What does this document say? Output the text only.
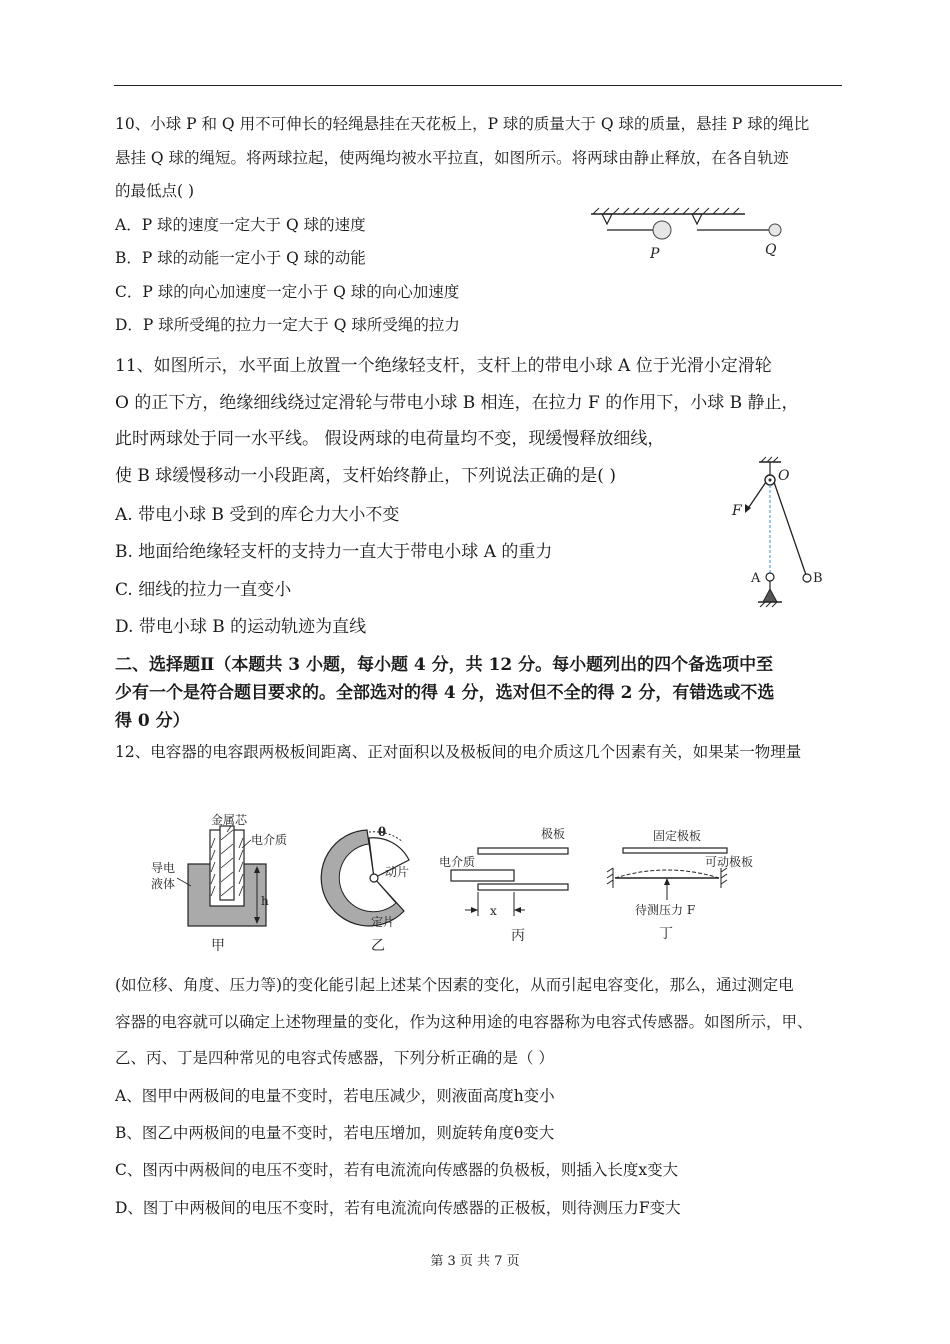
10、小球 P 和 Q 用不可伸长的轻绳悬挂在天花板上，P 球的质量大于 Q 球的质量，悬挂 P 球的绳比
悬挂 Q 球的绳短。将两球拉起，使两绳均被水平拉直，如图所示。将两球由静止释放，在各自轨迹
的最低点( )
A．P 球的速度一定大于 Q 球的速度
B．P 球的动能一定小于 Q 球的动能
C．P 球的向心加速度一定小于 Q 球的向心加速度
D．P 球所受绳的拉力一定大于 Q 球所受绳的拉力
P	Q
11、如图所示，水平面上放置一个绝缘轻支杆，支杆上的带电小球 A 位于光滑小定滑轮
O 的正下方，绝缘细线绕过定滑轮与带电小球 B 相连，在拉力 F 的作用下，小球 B 静止，
此时两球处于同一水平线。 假设两球的电荷量均不变，现缓慢释放细线，
使 B 球缓慢移动一小段距离，支杆始终静止，下列说法正确的是( )
A. 带电小球 B 受到的库仑力大小不变
B. 地面给绝缘轻支杆的支持力一直大于带电小球 A 的重力
C. 细线的拉力一直变小
D. 带电小球 B 的运动轨迹为直线
O
F
A	B
二、选择题Ⅱ（本题共 3 小题，每小题 4 分，共 12 分。每小题列出的四个备选项中至
少有一个是符合题目要求的。全部选对的得 4 分，选对但不全的得 2 分，有错选或不选
得 0 分）
12、电容器的电容跟两极板间距离、正对面积以及极板间的电介质这几个因素有关，如果某一物理量
h
金属芯
电介质
导电
液体
甲
θ
动片
定片
乙
极板
电介质
x
丙
固定极板
可动极板
待测压力 F
丁
(如位移、角度、压力等)的变化能引起上述某个因素的变化，从而引起电容变化，那么，通过测定电
容器的电容就可以确定上述物理量的变化，作为这种用途的电容器称为电容式传感器。如图所示，甲、
乙、丙、丁是四种常见的电容式传感器，下列分析正确的是（ ）
A、图甲中两极间的电量不变时，若电压减少，则液面高度h变小
B、图乙中两极间的电量不变时，若电压增加，则旋转角度θ变大
C、图丙中两极间的电压不变时，若有电流流向传感器的负极板，则插入长度x变大
D、图丁中两极间的电压不变时，若有电流流向传感器的正极板，则待测压力F变大
第 3 页 共 7 页
